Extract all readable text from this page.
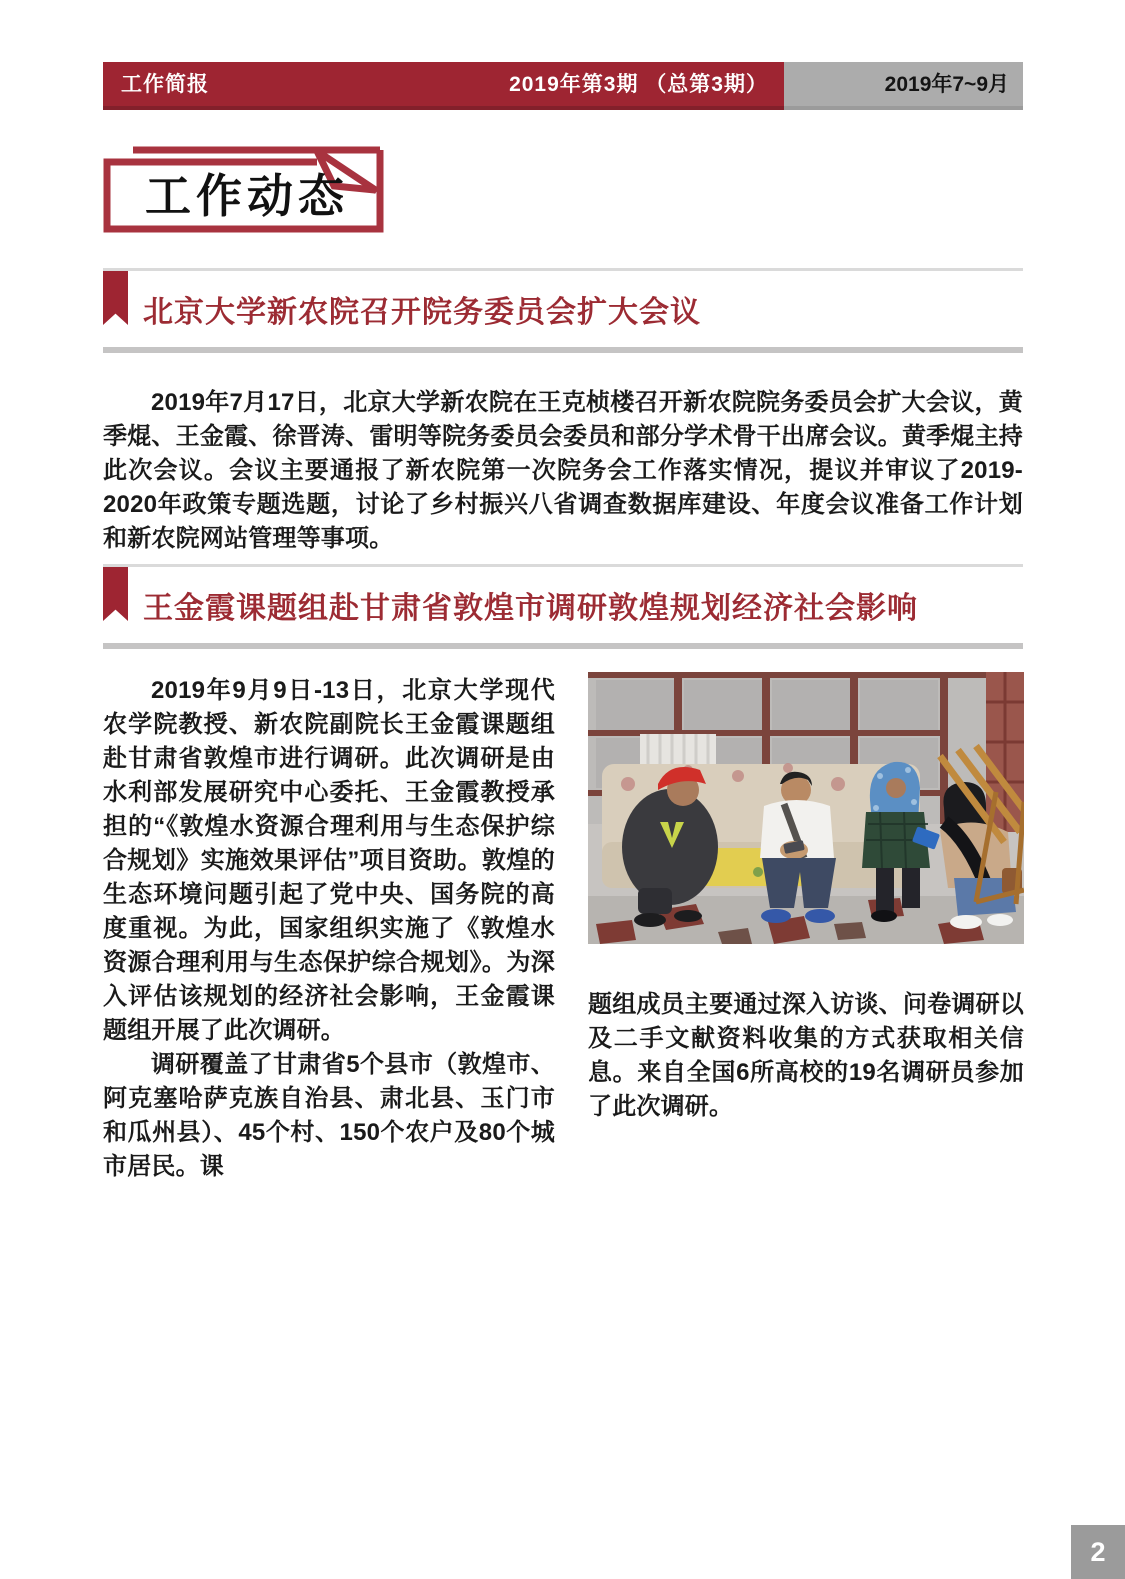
工作简报	2019年第3期 （总第3期）	2019年7~9月
工作动态
北京大学新农院召开院务委员会扩大会议
2019年7月17日，北京大学新农院在王克桢楼召开新农院院务委员会扩大会议，黄季焜、王金霞、徐晋涛、雷明等院务委员会委员和部分学术骨干出席会议。黄季焜主持此次会议。会议主要通报了新农院第一次院务会工作落实情况，提议并审议了2019-2020年政策专题选题，讨论了乡村振兴八省调查数据库建设、年度会议准备工作计划和新农院网站管理等事项。
王金霞课题组赴甘肃省敦煌市调研敦煌规划经济社会影响
2019年9月9日-13日，北京大学现代农学院教授、新农院副院长王金霞课题组赴甘肃省敦煌市进行调研。此次调研是由水利部发展研究中心委托、王金霞教授承担的“《敦煌水资源合理利用与生态保护综合规划》实施效果评估”项目资助。敦煌的生态环境问题引起了党中央、国务院的高度重视。为此，国家组织实施了《敦煌水资源合理利用与生态保护综合规划》。为深入评估该规划的经济社会影响，王金霞课题组开展了此次调研。
调研覆盖了甘肃省5个县市（敦煌市、阿克塞哈萨克族自治县、肃北县、玉门市和瓜州县）、45个村、150个农户及80个城市居民。课
题组成员主要通过深入访谈、问卷调研以及二手文献资料收集的方式获取相关信息。来自全国6所高校的19名调研员参加了此次调研。
2
